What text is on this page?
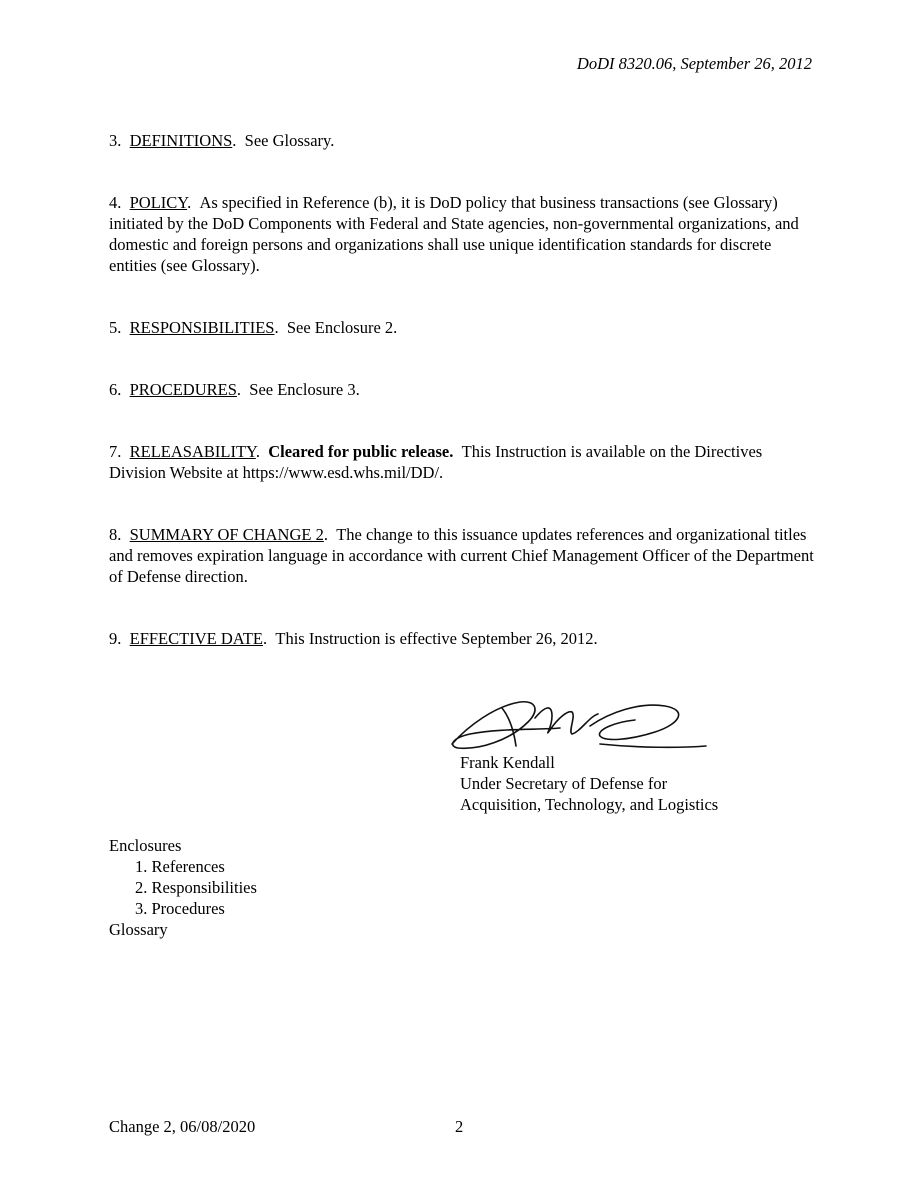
DoDI 8320.06, September 26, 2012

3. DEFINITIONS.  See Glossary.

4. POLICY.  As specified in Reference (b), it is DoD policy that business transactions (see Glossary) initiated by the DoD Components with Federal and State agencies, non-governmental organizations, and domestic and foreign persons and organizations shall use unique identification standards for discrete entities (see Glossary).

5. RESPONSIBILITIES.  See Enclosure 2.

6. PROCEDURES.  See Enclosure 3.

7. RELEASABILITY.  Cleared for public release. This Instruction is available on the Directives Division Website at https://www.esd.whs.mil/DD/.

8. SUMMARY OF CHANGE 2.  The change to this issuance updates references and organizational titles and removes expiration language in accordance with current Chief Management Officer of the Department of Defense direction.

9. EFFECTIVE DATE.  This Instruction is effective September 26, 2012.

Frank Kendall
Under Secretary of Defense for
Acquisition, Technology, and Logistics
Enclosures
1. References
2. Responsibilities
3. Procedures
Glossary
Change 2, 06/08/2020	2
